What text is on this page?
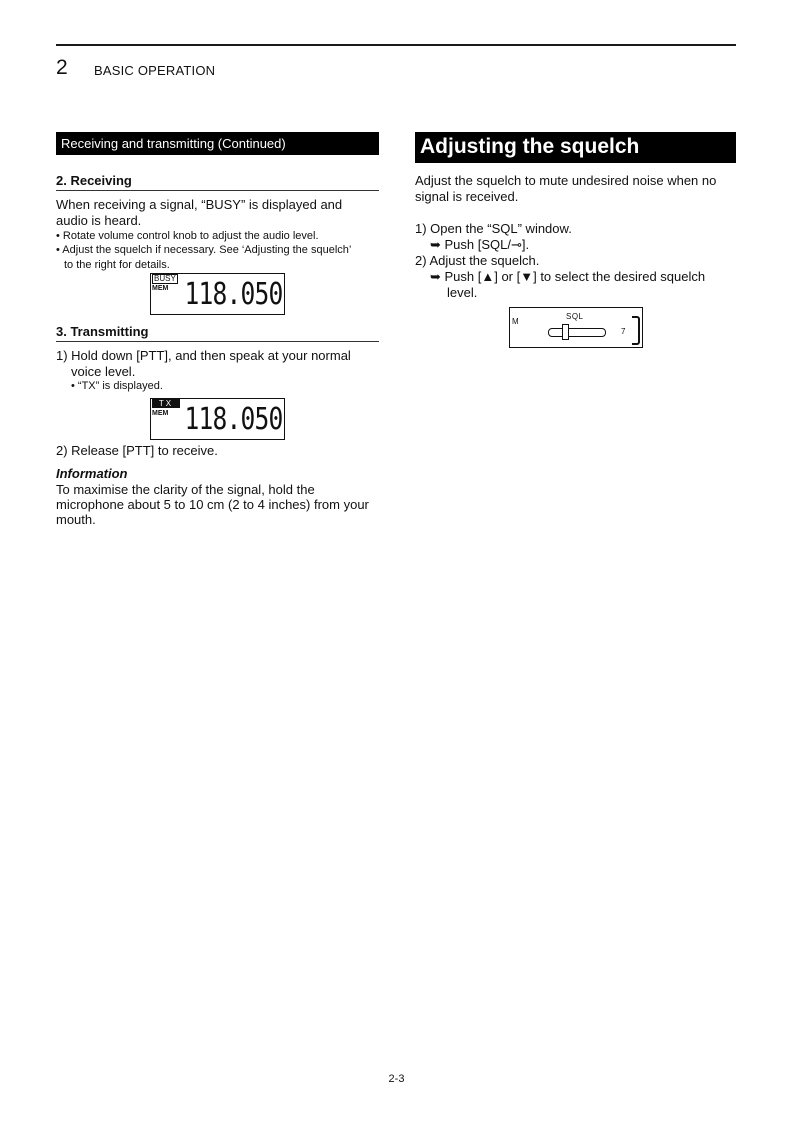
2 BASIC OPERATION
Receiving and transmitting (Continued)
2. Receiving
When receiving a signal, “BUSY” is displayed and
audio is heard.
• Rotate volume control knob to adjust the audio level.
• Adjust the squelch if necessary. See ‘Adjusting the squelch’
to the right for details.
BUSY
MEM 118.050
3. Transmitting
1) Hold down [PTT], and then speak at your normal
voice level.
• “TX” is displayed.
TX
MEM 118.050
2) Release [PTT] to receive.
Information
To maximise the clarity of the signal, hold the
microphone about 5 to 10 cm (2 to 4 inches) from your
mouth.
Adjusting the squelch
Adjust the squelch to mute undesired noise when no
signal is received.
1) Open the “SQL” window.
➥ Push [SQL/⊸].
2) Adjust the squelch.
➥ Push [▲] or [▼] to select the desired squelch
level.
M
SQL
7
2-3
